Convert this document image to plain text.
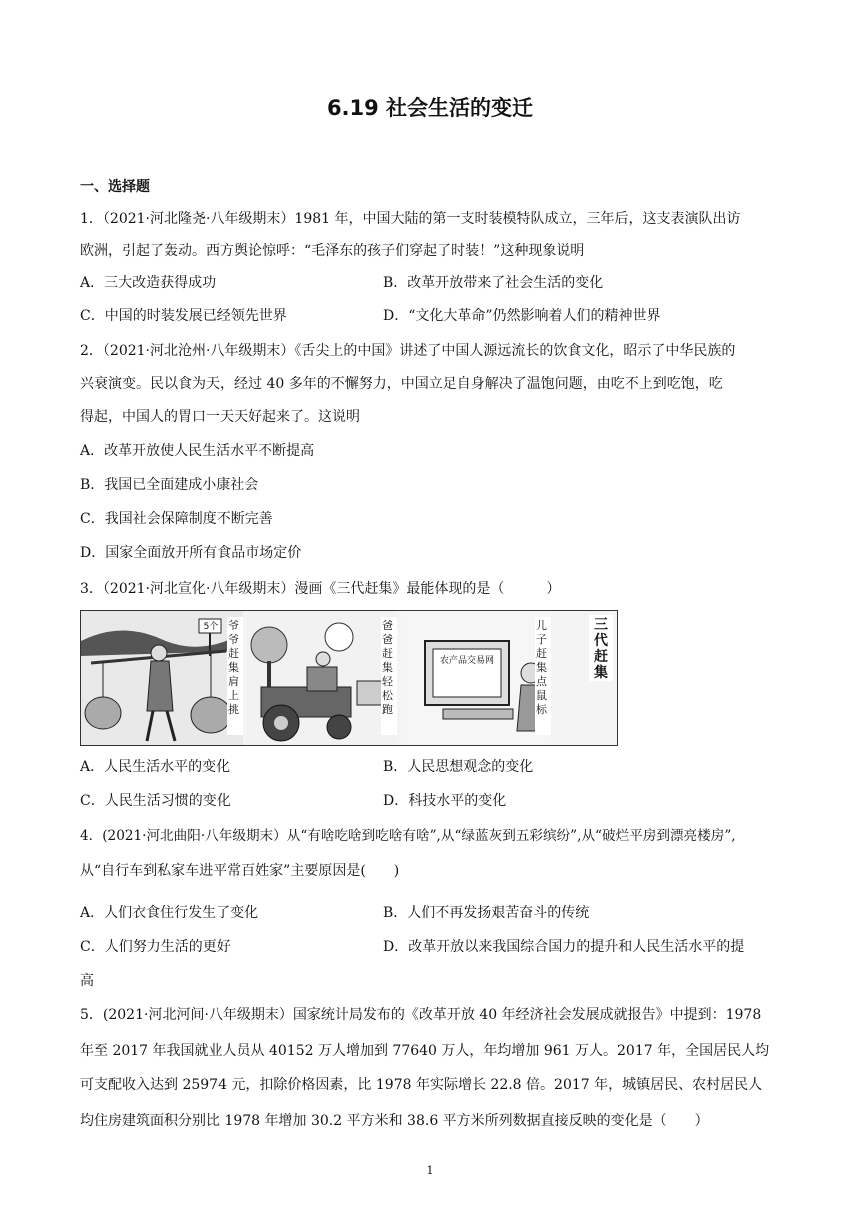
6.19 社会生活的变迁
一、选择题
1．（2021·河北隆尧·八年级期末）1981 年，中国大陆的第一支时装模特队成立，三年后，这支表演队出访
欧洲，引起了轰动。西方舆论惊呼：“毛泽东的孩子们穿起了时装！”这种现象说明
A．三大改造获得成功	B．改革开放带来了社会生活的变化
C．中国的时装发展已经领先世界	D．“文化大革命”仍然影响着人们的精神世界
2．（2021·河北沧州·八年级期末）《舌尖上的中国》讲述了中国人源远流长的饮食文化，昭示了中华民族的
兴衰演变。民以食为天，经过 40 多年的不懈努力，中国立足自身解决了温饱问题，由吃不上到吃饱，吃
得起，中国人的胃口一天天好起来了。这说明
A．改革开放使人民生活水平不断提高
B．我国已全面建成小康社会
C．我国社会保障制度不断完善
D．国家全面放开所有食品市场定价
3．（2021·河北宣化·八年级期末）漫画《三代赶集》最能体现的是（　　　）
5个 爷爷赶集肩上挑
爸爸赶集轻松跑
儿子赶集点鼠标
农产品交易网
三代赶集
A．人民生活水平的变化	B．人民思想观念的变化
C．人民生活习惯的变化	D．科技水平的变化
4．(2021·河北曲阳·八年级期末）从“有啥吃啥到吃啥有啥”,从“绿蓝灰到五彩缤纷”,从“破烂平房到漂亮楼房”,
从“自行车到私家车进平常百姓家”主要原因是(　　)
A．人们衣食住行发生了变化	B．人们不再发扬艰苦奋斗的传统
C．人们努力生活的更好	D．改革开放以来我国综合国力的提升和人民生活水平的提
高
5．(2021·河北河间·八年级期末）国家统计局发布的《改革开放 40 年经济社会发展成就报告》中提到：1978
年至 2017 年我国就业人员从 40152 万人增加到 77640 万人，年均增加 961 万人。2017 年，全国居民人均
可支配收入达到 25974 元，扣除价格因素，比 1978 年实际增长 22.8 倍。2017 年，城镇居民、农村居民人
均住房建筑面积分别比 1978 年增加 30.2 平方米和 38.6 平方米所列数据直接反映的变化是（　　）
1
